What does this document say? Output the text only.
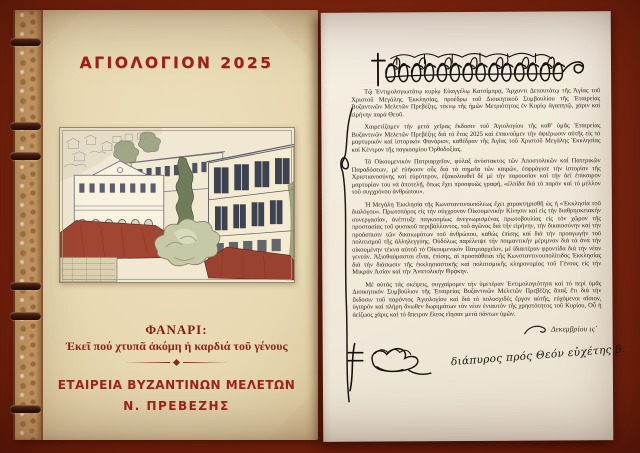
ΑΓΙΟΛΟΓΙΟΝ 2025
ΦΑΝΑΡΙ:
Ἐκεῖ πού χτυπᾶ ἀκόμη ἡ καρδιά τοῦ γένους
ΕΤΑΙΡΕΙΑ ΒΥΖΑΝΤΙΝΩΝ ΜΕΛΕΤΩΝ
Ν. ΠΡΕΒΕΖΗΣ

Τῷ Ἐντιμολογιωτάτῳ κυρίῳ Εὐαγγέλῳ Κατσίμπρᾳ, Ἄρχοντι Δεπουτάτῳ τῆς Ἁγίας τοῦ Χριστοῦ Μεγάλης Ἐκκλησίας, προέδρῳ τοῦ Διοικητικοῦ Συμβουλίου τῆς Ἑταιρείας Βυζαντινῶν Μελετῶν Πρεβέζης, τέκνῳ τῆς ἡμῶν Μετριότητος ἐν Κυρίῳ ἀγαπητῷ, χάριν καί εἰρήνην παρά Θεοῦ.

Χαιρετίζομεν τήν μετά χεῖρας ἔκδοσιν τοῦ Ἁγιολογίου τῆς καθ’ ὑμᾶς Ἑταιρείας Βυζαντινῶν Μελετῶν Πρεβέζης διά τό ἔτος 2025 καί ἐπαινοῦμεν τήν ἀφιέρωσιν αὐτῆς εἰς τό μαρτυρικόν καί ἱστορικόν Φανάριον, καθέδραν τῆς Ἁγίας τοῦ Χριστοῦ Μεγάλης Ἐκκλησίας καί Κέντρον τῆς παγκοσμίου Ὀρθοδοξίας.

Τό Οἰκουμενικόν Πατριαρχεῖον, φύλαξ ἀνύστακτος τῶν Ἀποστολικῶν καί Πατερικῶν Παραδόσεων, μέ εὐήκοον οὖς διά τά σημεῖα τῶν καιρῶν, ἐσφράγισε τήν ἱστορίαν τῆς Χριστιανοσύνης καί εὐρύτερον, ἐξακολουθεῖ δέ μέ τήν παρουσίαν καί τήν ἀεί ἐπίκαιρον μαρτυρίαν του νά ἀποτελῇ, ὅπως ἔχει προσφυῶς γραφῆ, «ἐλπίδα διά τό παρόν καί τό μέλλον τοῦ συγχρόνου ἀνθρώπου».

Ἡ Μεγάλη Ἐκκλησία τῆς Κωνσταντινουπόλεως ἔχει χαρακτηρισθῆ ὡς ἡ «Ἐκκλησία τοῦ διαλόγου». Πρωτοπόρος εἰς τήν σύγχρονον Οἰκουμενικήν Κίνησιν καί εἰς τήν διαθρησκειακήν συνεργασίαν, ἀνέπτυξε παγκοσμίως ἀνεγνωρισμένας πρωτοβουλίας εἰς τόν χῶρον τῆς προστασίας τοῦ φυσικοῦ περιβάλλοντος, τοῦ ἀγῶνος διά τήν εἰρήνην, τήν δικαιοσύνην καί τήν προάσπισιν τῶν δικαιωμάτων τοῦ ἀνθρώπου, καθώς ἐπίσης καί διά τήν προαγωγήν τοῦ πολιτισμοῦ τῆς ἀλληλεγγύης. Οὐδόλως παρέλειψε τήν ποιμαντικήν μέριμναν διά τά ἀνά τήν οἰκουμένην τέκνα αὐτοῦ τό Οἰκουμενικόν Πατριαρχεῖον, μέ ἰδιαιτέραν φροντίδα διά τήν νέαν γενεάν. Ἀξιοθαύμαστοι εἶναι, ἐπίσης, αἱ προσπάθειαι τῆς Κωνσταντινουπολίτιδος Ἐκκλησίας διά τήν διάσωσιν τῆς ἐκκλησιαστικῆς καί πολιτισμικῆς κληρονομίας τοῦ Γένους εἰς τήν Μικράν Ἀσίαν καί τήν Ἀνατολικήν Θρᾴκην.

Μέ αὐτάς τάς σκέψεις, συγχαίρομεν τήν ὑμετέραν Ἐντιμολογιότητα καί τό περί ὑμᾶς Διοικητικόν Συμβούλιον τῆς Ἑταιρείας Βυζαντινῶν Μελετῶν Πρεβέζης ἅπαξ ἔτι διά τήν ἔκδοσιν τοῦ παρόντος Ἁγιολογίου καί διά τό πολυσχιδές ἔργον αὐτῆς, εὐχόμενοι αἴσιον, ὑγιηρόν καί πλήρη ἄνωθεν δωρημάτων τόν νέον ἐνιαυτόν τῆς χρηστότητος τοῦ Κυρίου, Οὗ ἡ ἀείζωος χάρις καί τό ἄπειρον ἔλεος εἴησαν μετά πάντων ὑμῶν.

Δεκεμβρίου ις΄
διάπυρος πρός Θεόν εὐχέτης β.
